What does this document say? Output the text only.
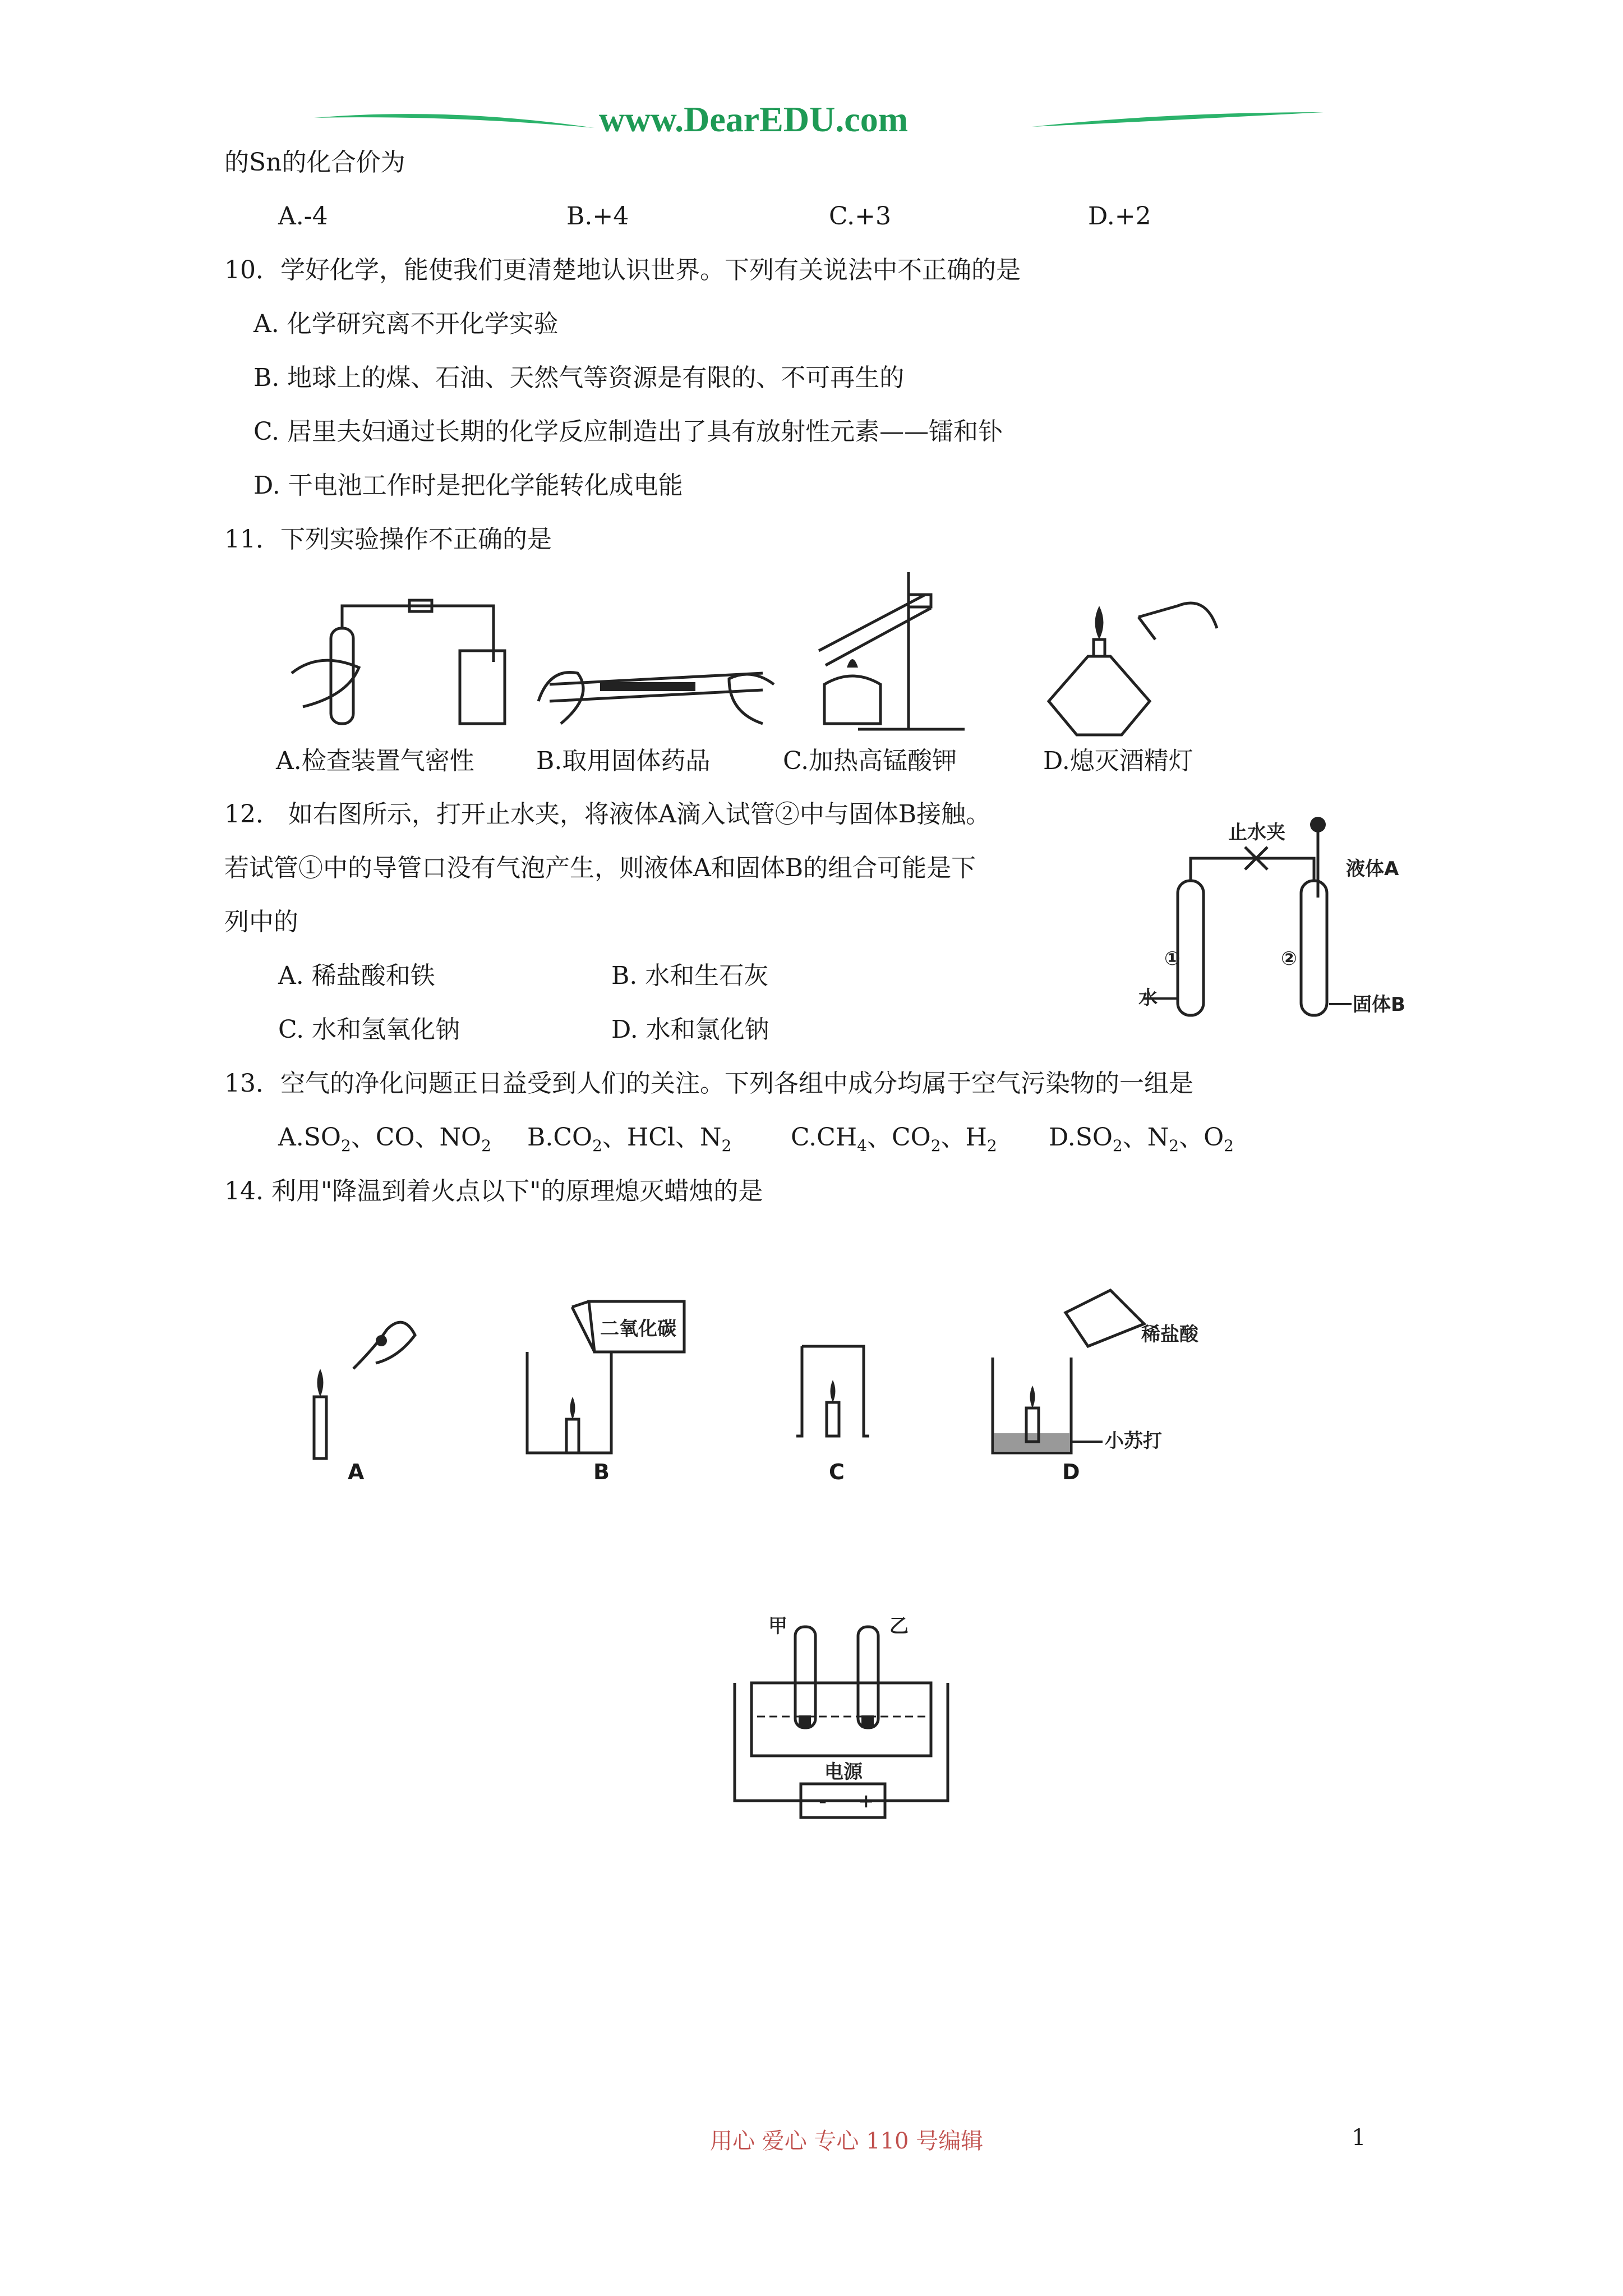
www.DearEDU.com
的Sn的化合价为
A.-4	B.+4	C.+3	D.+2
10．学好化学，能使我们更清楚地认识世界。下列有关说法中不正确的是
A. 化学研究离不开化学实验
B. 地球上的煤、石油、天然气等资源是有限的、不可再生的
C. 居里夫妇通过长期的化学反应制造出了具有放射性元素——镭和钋
D. 干电池工作时是把化学能转化成电能
11．下列实验操作不正确的是
A.检查装置气密性	B.取用固体药品	C.加热高锰酸钾	D.熄灭酒精灯
12． 如右图所示，打开止水夹，将液体A滴入试管②中与固体B接触。
若试管①中的导管口没有气泡产生，则液体A和固体B的组合可能是下
列中的
A. 稀盐酸和铁	B. 水和生石灰
C. 水和氢氧化钠	D. 水和氯化钠
止水夹
液体A
固体B
水
①	②
13．空气的净化问题正日益受到人们的关注。下列各组中成分均属于空气污染物的一组是
$A.SO_2$、CO、$NO_2$ $B.CO_2$、HCl、$N_2$ $C.CH_4$、$CO_2$、$H_2$ $D.SO_2$、$N_2$、$O_2$
14. 利用"降温到着火点以下"的原理熄灭蜡烛的是
A
二氧化碳
B	C
稀盐酸
小苏打
D
甲	乙
电源
- +
用心 爱心 专心 110 号编辑	1
